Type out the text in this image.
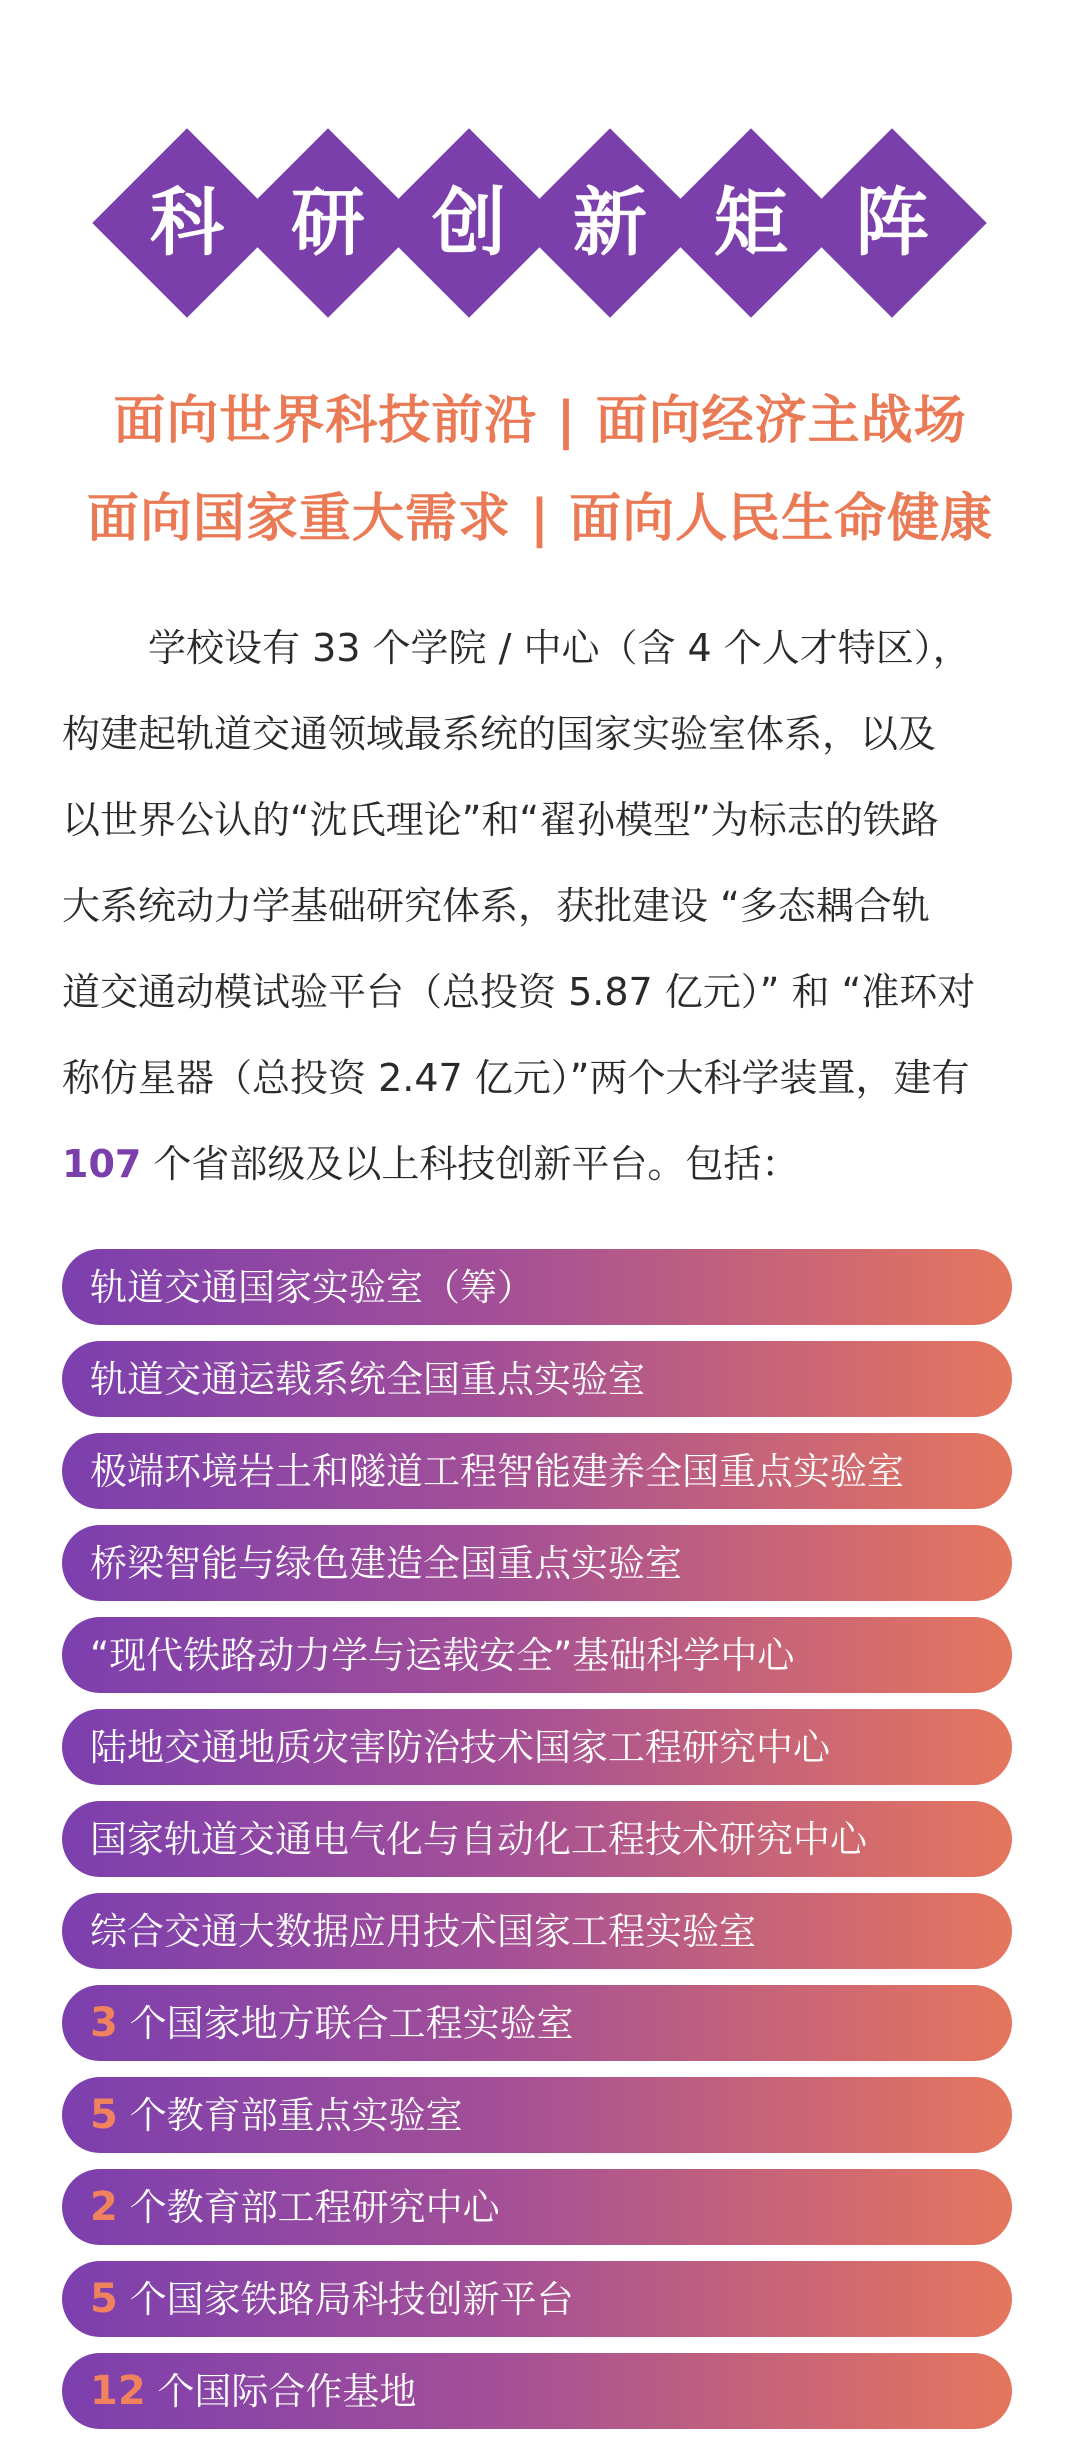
科 研 创 新 矩 阵
面向世界科技前沿 | 面向经济主战场
面向国家重大需求 | 面向人民生命健康
学校设有 33 个学院 / 中心（含 4 个人才特区），
构建起轨道交通领域最系统的国家实验室体系，以及
以世界公认的“沈氏理论”和“翟孙模型”为标志的铁路
大系统动力学基础研究体系，获批建设 “多态耦合轨
道交通动模试验平台（总投资 5.87 亿元）” 和 “准环对
称仿星器（总投资 2.47 亿元）”两个大科学装置，建有
107 个省部级及以上科技创新平台。包括：
轨道交通国家实验室（筹）
轨道交通运载系统全国重点实验室
极端环境岩土和隧道工程智能建养全国重点实验室
桥梁智能与绿色建造全国重点实验室
“现代铁路动力学与运载安全”基础科学中心
陆地交通地质灾害防治技术国家工程研究中心
国家轨道交通电气化与自动化工程技术研究中心
综合交通大数据应用技术国家工程实验室
3 个国家地方联合工程实验室
5 个教育部重点实验室
2 个教育部工程研究中心
5 个国家铁路局科技创新平台
12 个国际合作基地
